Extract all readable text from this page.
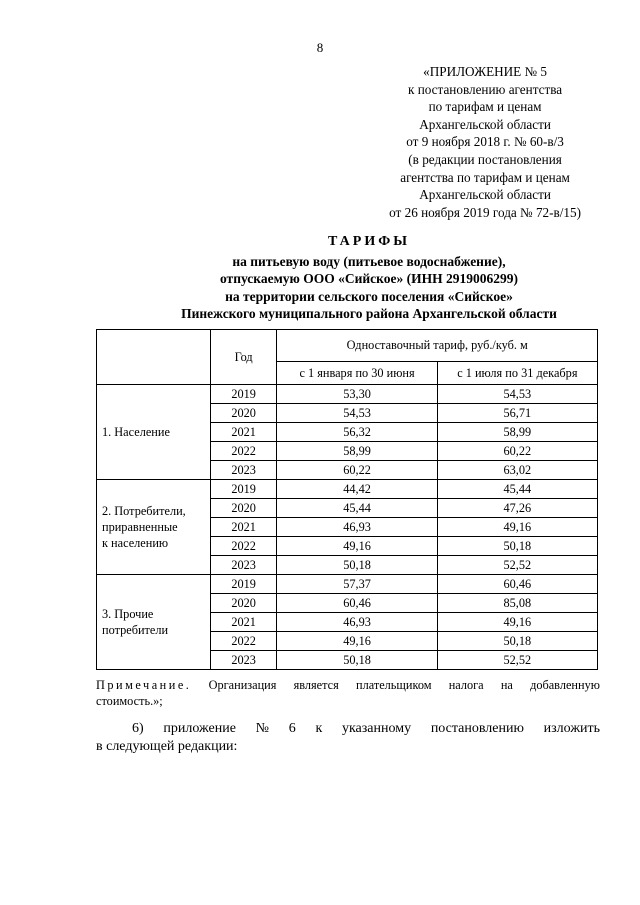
8
«ПРИЛОЖЕНИЕ № 5
к постановлению агентства
по тарифам и ценам
Архангельской области
от 9 ноября 2018 г. № 60-в/3
(в редакции постановления
агентства по тарифам и ценам
Архангельской области
от 26 ноября 2019 года № 72-в/15)
ТАРИФЫ
на питьевую воду (питьевое водоснабжение),
отпускаемую ООО «Сийское» (ИНН 2919006299)
на территории сельского поселения «Сийское»
Пинежского муниципального района Архангельской области
	Год	Одноставочный тариф, руб./куб. м	
		с 1 января по 30 июня	с 1 июля по 31 декабря
1. Население	2019	53,30	54,53
	2020	54,53	56,71
	2021	56,32	58,99
	2022	58,99	60,22
	2023	60,22	63,02
2. Потребители,
приравненные
к населению	2019	44,42	45,44
	2020	45,44	47,26
	2021	46,93	49,16
	2022	49,16	50,18
	2023	50,18	52,52
3. Прочие
потребители	2019	57,37	60,46
	2020	60,46	85,08
	2021	46,93	49,16
	2022	49,16	50,18
	2023	50,18	52,52
Примечание. Организация является плательщиком налога на добавленную
стоимость.»;
6) приложение № 6 к указанному постановлению изложить
в следующей редакции:
